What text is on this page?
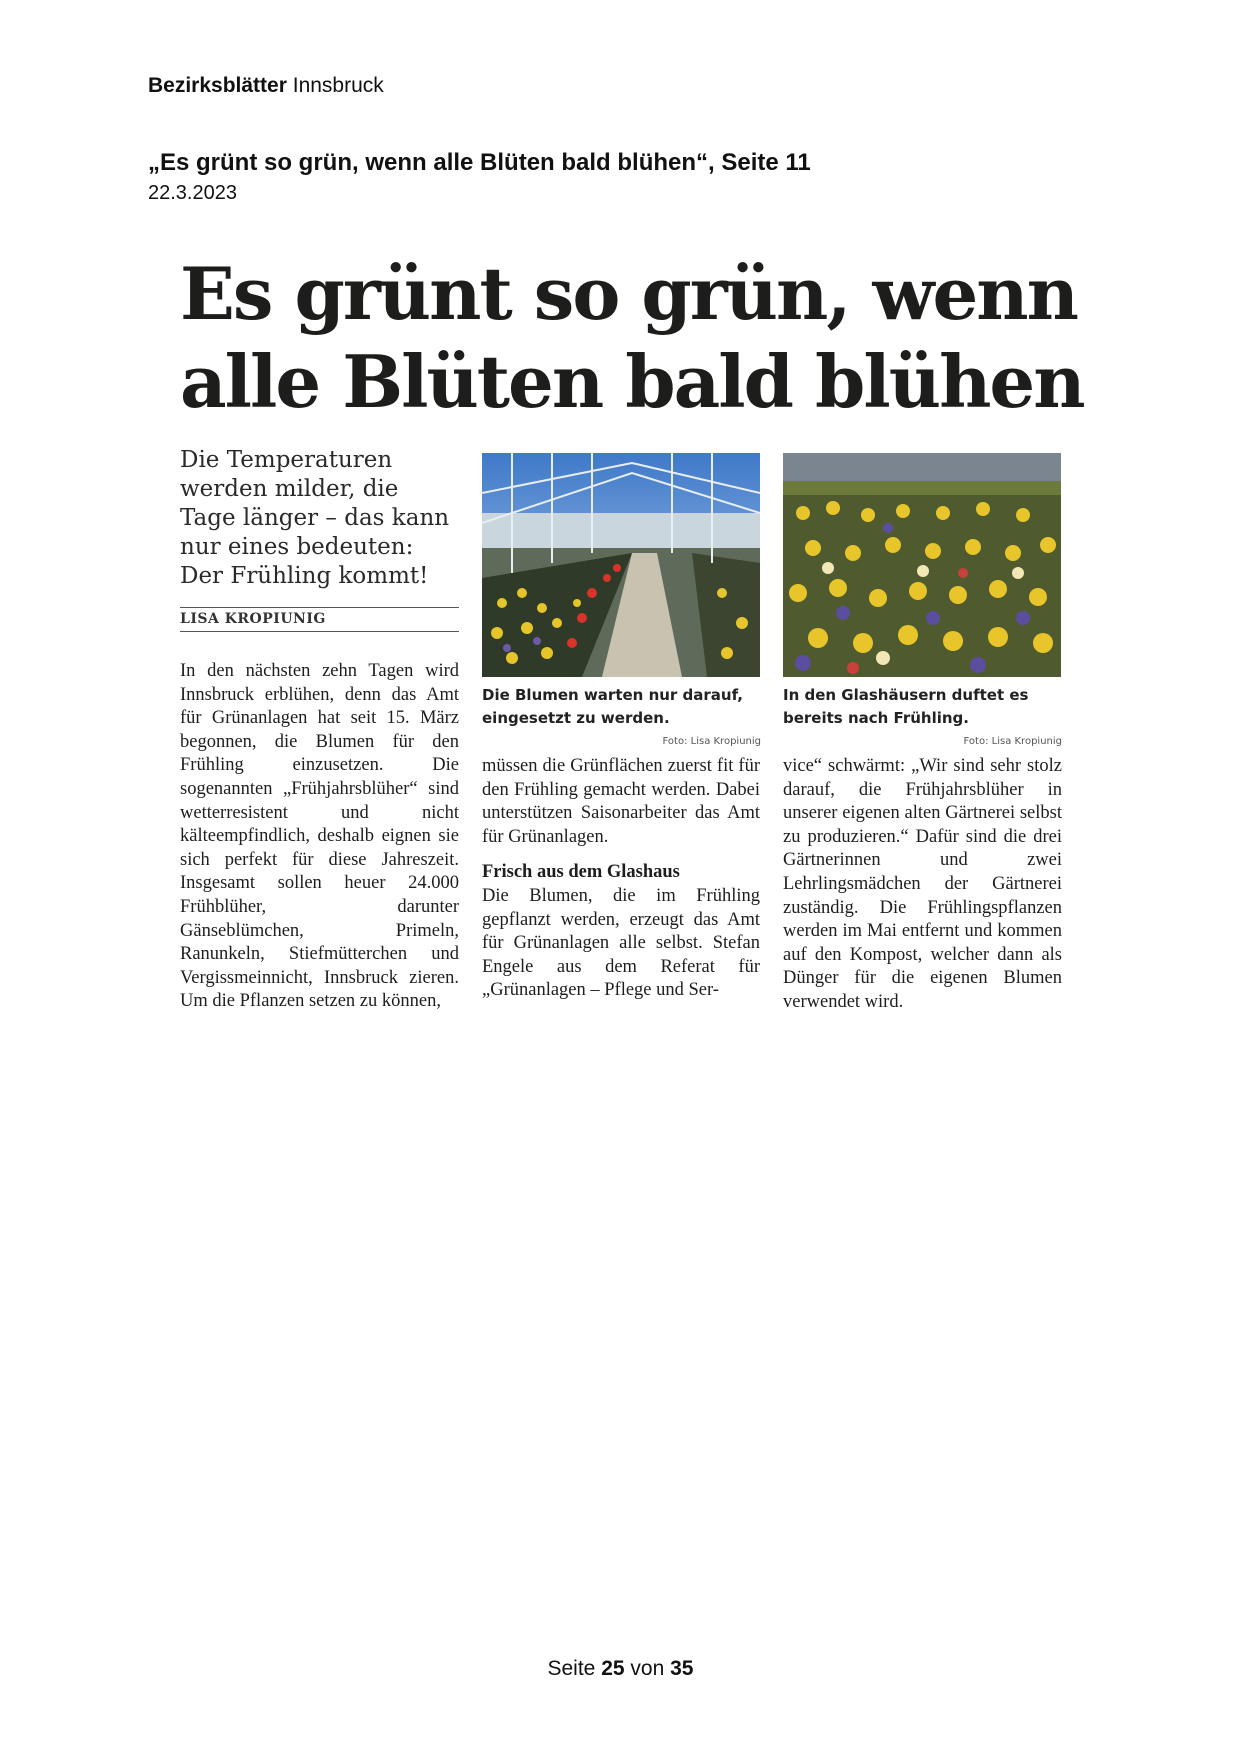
Bezirksblätter Innsbruck
„Es grünt so grün, wenn alle Blüten bald blühen“, Seite 11
22.3.2023
Es grünt so grün, wenn
alle Blüten bald blühen
Die Temperaturen werden milder, die Tage länger – das kann nur eines bedeuten: Der Frühling kommt!
LISA KROPIUNIG
In den nächsten zehn Tagen wird Innsbruck erblühen, denn das Amt für Grünanlagen hat seit 15. März begonnen, die Blumen für den Frühling einzusetzen. Die sogenannten „Frühjahrsblüher“ sind wetterresistent und nicht kälteempfindlich, deshalb eignen sie sich perfekt für diese Jahreszeit. Insgesamt sollen heuer 24.000 Frühblüher, darunter Gänseblümchen, Primeln, Ranunkeln, Stiefmütterchen und Vergissmeinnicht, Innsbruck zieren. Um die Pflanzen setzen zu können,
Die Blumen warten nur darauf, eingesetzt zu werden.
Foto: Lisa Kropiunig
In den Glashäusern duftet es bereits nach Frühling.
Foto: Lisa Kropiunig
müssen die Grünflächen zuerst fit für den Frühling gemacht werden. Dabei unterstützen Saisonarbeiter das Amt für Grünanlagen.
Frisch aus dem Glashaus
Die Blumen, die im Frühling gepflanzt werden, erzeugt das Amt für Grünanlagen alle selbst. Stefan Engele aus dem Referat für „Grünanlagen – Pflege und Ser-
vice“ schwärmt: „Wir sind sehr stolz darauf, die Frühjahrsblüher in unserer eigenen alten Gärtnerei selbst zu produzieren.“ Dafür sind die drei Gärtnerinnen und zwei Lehrlingsmädchen der Gärtnerei zuständig. Die Frühlingspflanzen werden im Mai entfernt und kommen auf den Kompost, welcher dann als Dünger für die eigenen Blumen verwendet wird.
Seite 25 von 35
